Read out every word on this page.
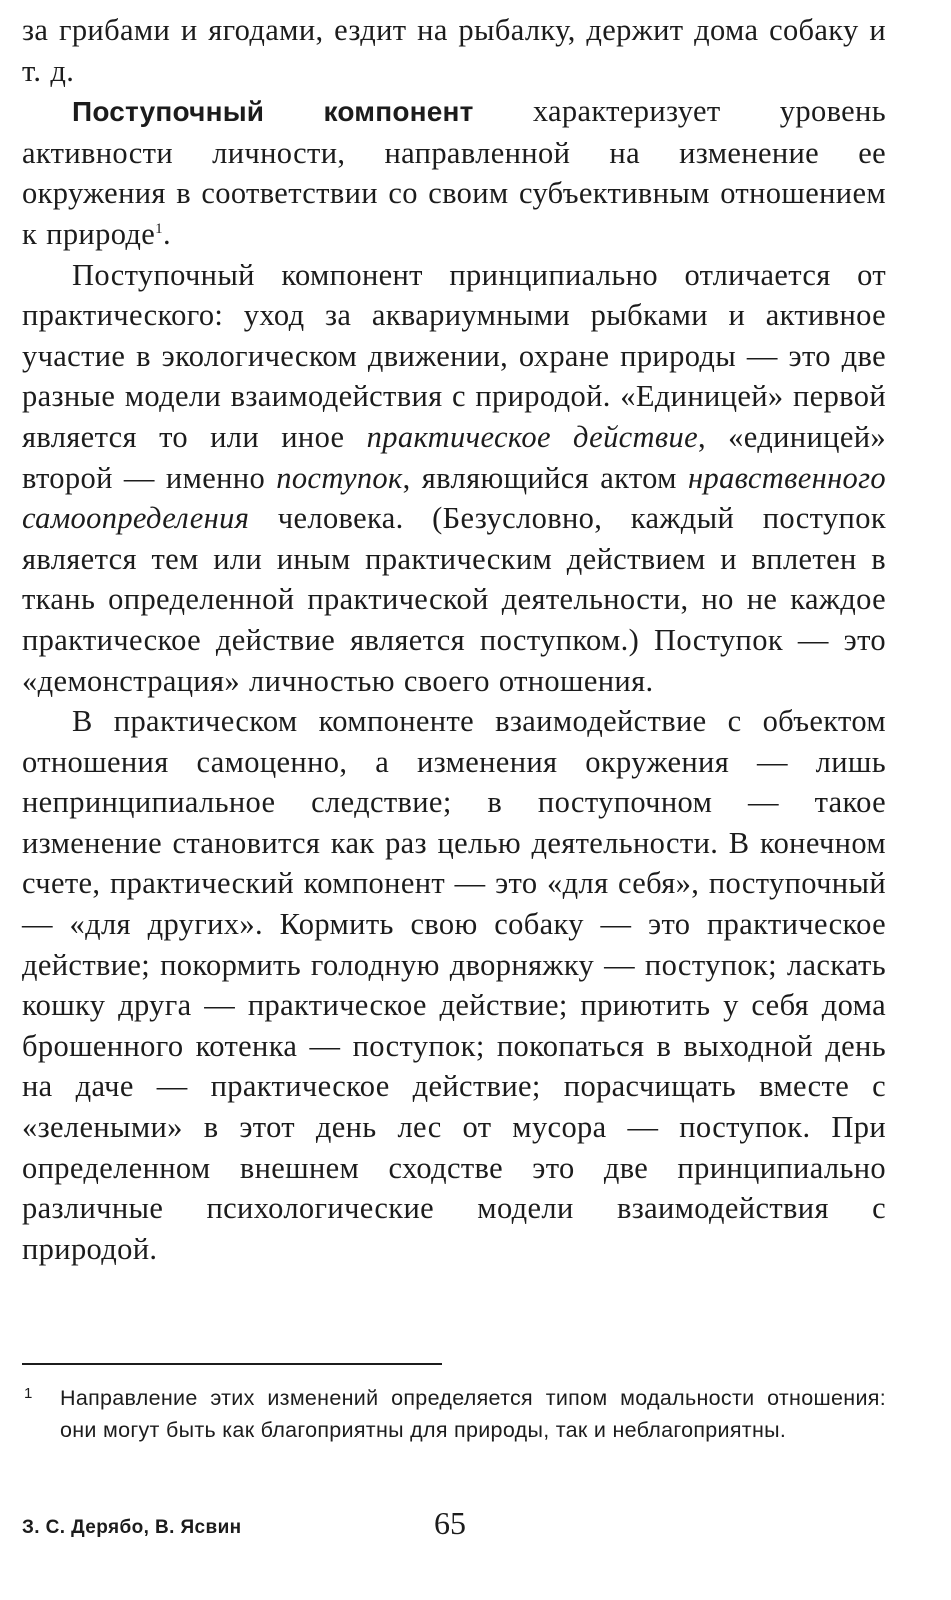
за грибами и ягодами, ездит на рыбалку, держит дома собаку и т. д.

Поступочный компонент характеризует уровень активности личности, направленной на изменение ее окружения в соответствии со своим субъективным отношением к природе$^1$.

Поступочный компонент принципиально отличается от практического: уход за аквариумными рыбками и активное участие в экологическом движении, охране природы — это две разные модели взаимодействия с природой. «Единицей» первой является то или иное практическое действие, «единицей» второй — именно поступок, являющийся актом нравственного самоопределения человека. (Безусловно, каждый поступок является тем или иным практическим действием и вплетен в ткань определенной практической деятельности, но не каждое практическое действие является поступком.) Поступок — это «демонстрация» личностью своего отношения.

В практическом компоненте взаимодействие с объектом отношения самоценно, а изменения окружения — лишь непринципиальное следствие; в поступочном — такое изменение становится как раз целью деятельности. В конечном счете, практический компонент — это «для себя», поступочный — «для других». Кормить свою собаку — это практическое действие; покормить голодную дворняжку — поступок; ласкать кошку друга — практическое действие; приютить у себя дома брошенного котенка — поступок; покопаться в выходной день на даче — практическое действие; порасчищать вместе с «зелеными» в этот день лес от мусора — поступок. При определенном внешнем сходстве это две принципиально различные психологические модели взаимодействия с природой.

1 Направление этих изменений определяется типом модальности отношения: они могут быть как благоприятны для природы, так и неблагоприятны.

З. С. Дерябо, В. Ясвин	65
